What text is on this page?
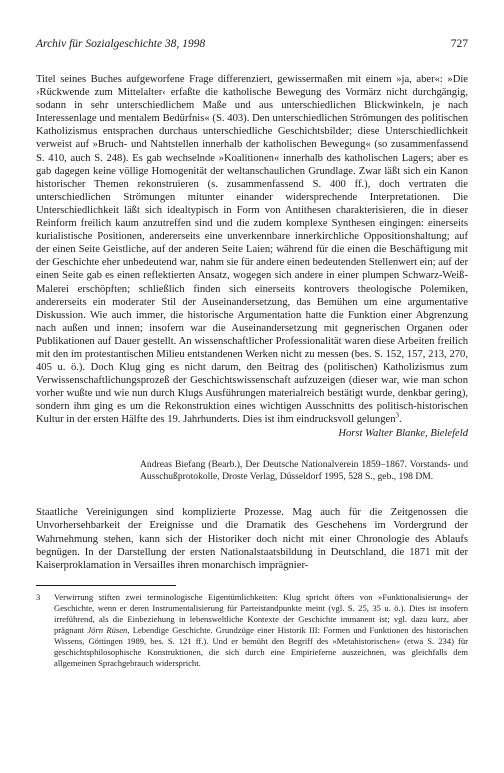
Archiv für Sozialgeschichte 38, 1998	727

Titel seines Buches aufgeworfene Frage differenziert, gewissermaßen mit einem »ja, aber«: »Die ›Rückwende zum Mittelalter‹ erfaßte die katholische Bewegung des Vormärz nicht durchgängig, sodann in sehr unterschiedlichem Maße und aus unterschiedlichen Blickwinkeln, je nach Interessenlage und mentalem Bedürfnis« (S. 403). Den unterschiedlichen Strömungen des politischen Katholizismus entsprachen durchaus unterschiedliche Geschichtsbilder; diese Unterschiedlichkeit verweist auf »Bruch- und Nahtstellen innerhalb der katholischen Bewegung« (so zusammenfassend S. 410, auch S. 248). Es gab wechselnde »Koalitionen« innerhalb des katholischen Lagers; aber es gab dagegen keine völlige Homogenität der weltanschaulichen Grundlage. Zwar läßt sich ein Kanon historischer Themen rekonstruieren (s. zusammenfassend S. 400 ff.), doch vertraten die unterschiedlichen Strömungen mitunter einander widersprechende Interpretationen. Die Unterschiedlichkeit läßt sich idealtypisch in Form von Antithesen charakterisieren, die in dieser Reinform freilich kaum anzutreffen sind und die zudem komplexe Synthesen eingingen: einerseits kurialistische Positionen, andererseits eine unverkennbare innerkirchliche Oppositionshaltung; auf der einen Seite Geistliche, auf der anderen Seite Laien; während für die einen die Beschäftigung mit der Geschichte eher unbedeutend war, nahm sie für andere einen bedeutenden Stellenwert ein; auf der einen Seite gab es einen reflektierten Ansatz, wogegen sich andere in einer plumpen Schwarz-Weiß-Malerei erschöpften; schließlich finden sich einerseits kontrovers theologische Polemiken, andererseits ein moderater Stil der Auseinandersetzung, das Bemühen um eine argumentative Diskussion. Wie auch immer, die historische Argumentation hatte die Funktion einer Abgrenzung nach außen und innen; insofern war die Auseinandersetzung mit gegnerischen Organen oder Publikationen auf Dauer gestellt. An wissenschaftlicher Professionalität waren diese Arbeiten freilich mit den im protestantischen Milieu entstandenen Werken nicht zu messen (bes. S. 152, 157, 213, 270, 405 u. ö.). Doch Klug ging es nicht darum, den Beitrag des (politischen) Katholizismus zum Verwissenschaftlichungsprozeß der Geschichtswissenschaft aufzuzeigen (dieser war, wie man schon vorher wußte und wie nun durch Klugs Ausführungen materialreich bestätigt wurde, denkbar gering), sondern ihm ging es um die Rekonstruktion eines wichtigen Ausschnitts des politisch-historischen Kultur in der ersten Hälfte des 19. Jahrhunderts. Dies ist ihm eindrucksvoll gelungen$^3$.
Horst Walter Blanke, Bielefeld

Andreas Biefang (Bearb.), Der Deutsche Nationalverein 1859–1867. Vorstands- und Ausschußprotokolle, Droste Verlag, Düsseldorf 1995, 528 S., geb., 198 DM.

Staatliche Vereinigungen sind komplizierte Prozesse. Mag auch für die Zeitgenossen die Unvorhersehbarkeit der Ereignisse und die Dramatik des Geschehens im Vordergrund der Wahrnehmung stehen, kann sich der Historiker doch nicht mit einer Chronologie des Ablaufs begnügen. In der Darstellung der ersten Nationalstaatsbildung in Deutschland, die 1871 mit der Kaiserproklamation in Versailles ihren monarchisch imprägnier-

3 Verwirrung stiften zwei terminologische Eigentümlichkeiten: Klug spricht öfters von »Funktionalisierung« der Geschichte, wenn er deren Instrumentalisierung für Parteistandpunkte meint (vgl. S. 25, 35 u. ö.). Dies ist insofern irreführend, als die Einbeziehung in lebensweltliche Kontexte der Geschichte immanent ist; vgl. dazu kurz, aber prägnant Jörn Rüsen, Lebendige Geschichte. Grundzüge einer Historik III: Formen und Funktionen des historischen Wissens, Göttingen 1989, bes. S. 121 ff.). Und er bemüht den Begriff des »Metahistorischen« (etwa S. 234) für geschichtsphilosophische Konstruktionen, die sich durch eine Empirieferne auszeichnen, was gleichfalls dem allgemeinen Sprachgebrauch widerspricht.
